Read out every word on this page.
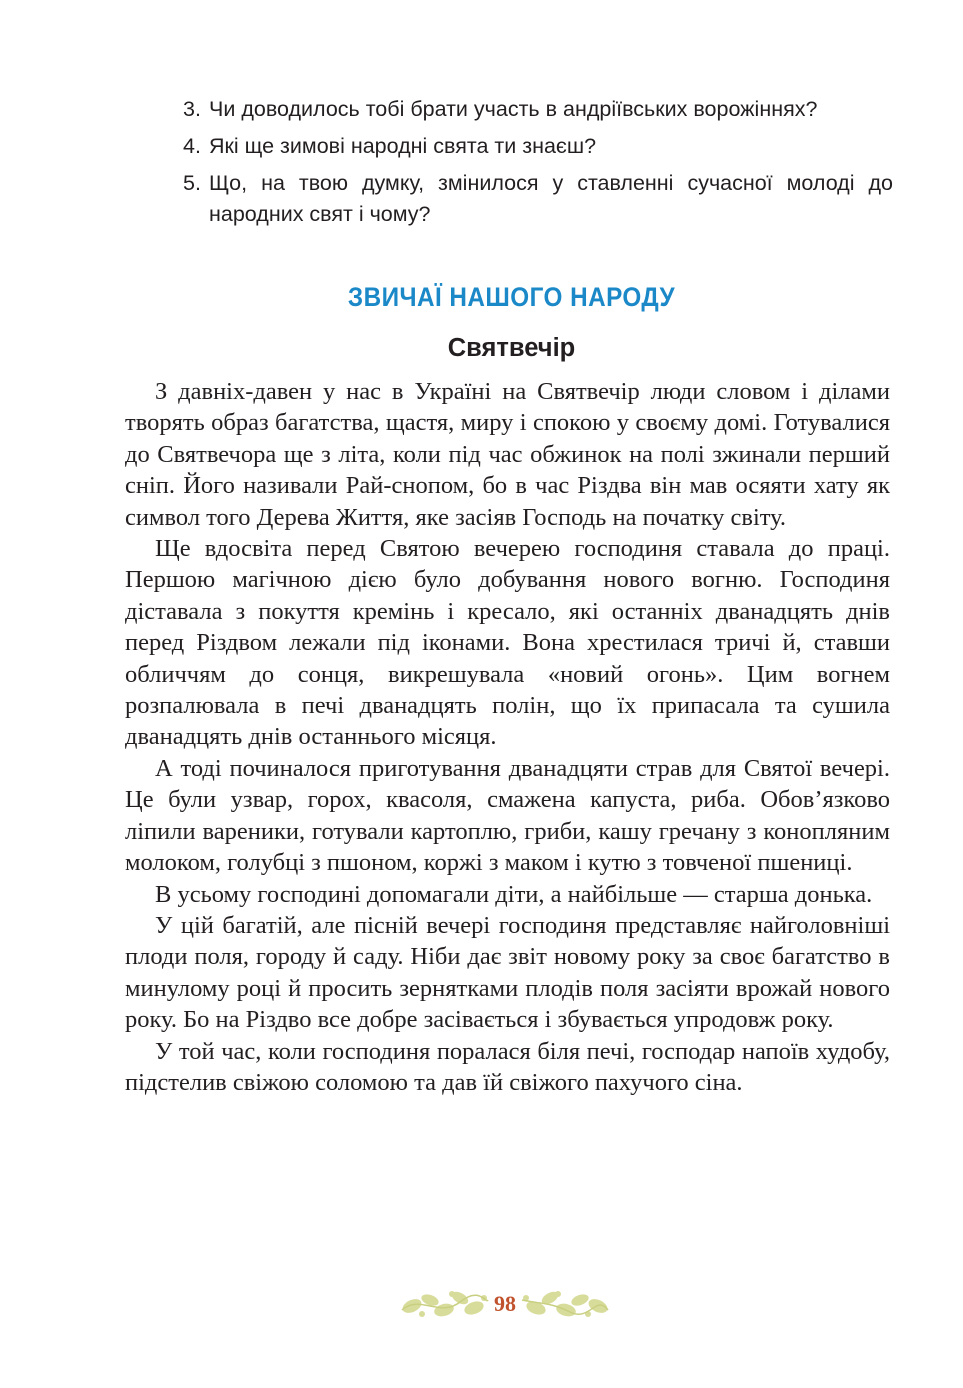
3. Чи доводилось тобі брати участь в андріївських ворожіннях?
4. Які ще зимові народні свята ти знаєш?
5. Що, на твою думку, змінилося у ставленні сучасної молоді до народних свят і чому?
ЗВИЧАЇ НАШОГО НАРОДУ
Святвечір

З давніх-давен у нас в Україні на Святвечір люди словом і ділами творять образ багатства, щастя, миру і спокою у своєму домі. Готувалися до Святвечора ще з літа, коли під час обжинок на полі зжинали перший сніп. Його називали Рай-снопом, бо в час Різдва він мав осяяти хату як символ того Дерева Життя, яке засіяв Господь на початку світу.

Ще вдосвіта перед Святою вечерею господиня ставала до праці. Першою магічною дією було добування нового вогню. Господиня діставала з покуття кремінь і кресало, які останніх дванадцять днів перед Різдвом лежали під іконами. Вона хрестилася тричі й, ставши обличчям до сонця, викрешувала «новий огонь». Цим вогнем розпалювала в печі дванадцять полін, що їх припасала та сушила дванадцять днів останнього місяця.

А тоді починалося приготування дванадцяти страв для Святої вечері. Це були узвар, горох, квасоля, смажена капуста, риба. Обов’язково ліпили вареники, готували картоплю, гриби, кашу гречану з конопляним молоком, голубці з пшоном, коржі з маком і кутю з товченої пшениці.

В усьому господині допомагали діти, а найбільше — старша донька.

У цій багатій, але пісній вечері господиня представляє найголовніші плоди поля, городу й саду. Ніби дає звіт новому року за своє багатство в минулому році й просить зернятками плодів поля засіяти врожай нового року. Бо на Різдво все добре засівається і збувається упродовж року.

У той час, коли господиня поралася біля печі, господар напоїв худобу, підстелив свіжою соломою та дав їй свіжого пахучого сіна.

98
